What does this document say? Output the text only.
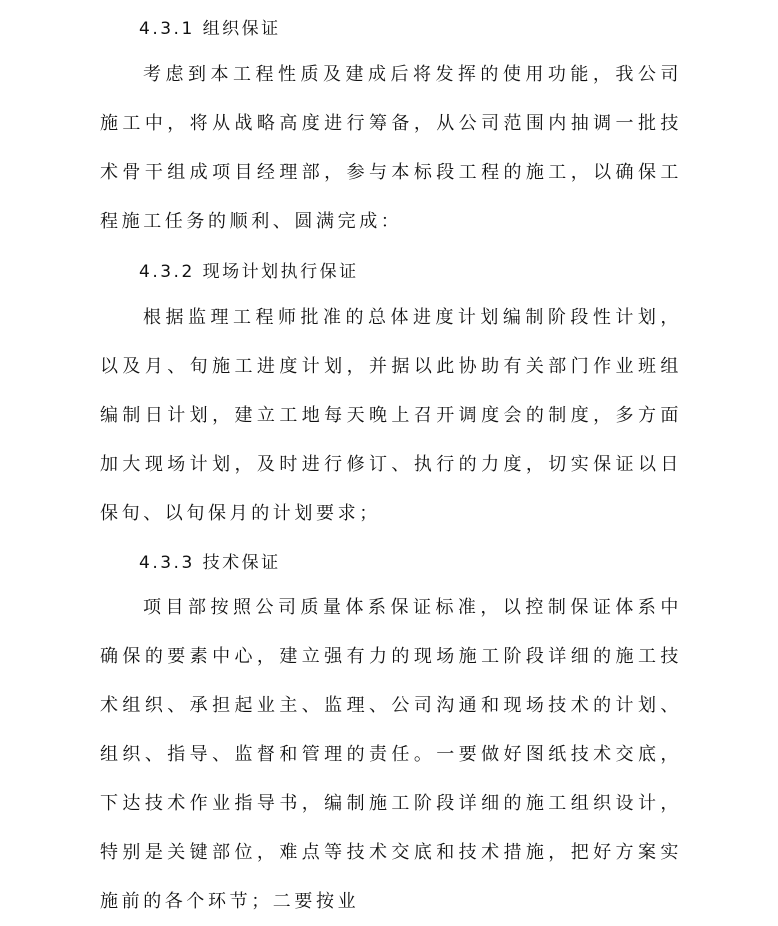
4.3.1 组织保证

考虑到本工程性质及建成后将发挥的使用功能，我公司施工中，将从战略高度进行筹备，从公司范围内抽调一批技术骨干组成项目经理部，参与本标段工程的施工，以确保工程施工任务的顺利、圆满完成：

4.3.2 现场计划执行保证

根据监理工程师批准的总体进度计划编制阶段性计划，以及月、旬施工进度计划，并据以此协助有关部门作业班组编制日计划，建立工地每天晚上召开调度会的制度，多方面加大现场计划，及时进行修订、执行的力度，切实保证以日保旬、以旬保月的计划要求；

4.3.3 技术保证

项目部按照公司质量体系保证标准，以控制保证体系中确保的要素中心，建立强有力的现场施工阶段详细的施工技术组织、承担起业主、监理、公司沟通和现场技术的计划、组织、指导、监督和管理的责任。一要做好图纸技术交底，下达技术作业指导书，编制施工阶段详细的施工组织设计，特别是关键部位，难点等技术交底和技术措施，把好方案实施前的各个环节；二要按业
